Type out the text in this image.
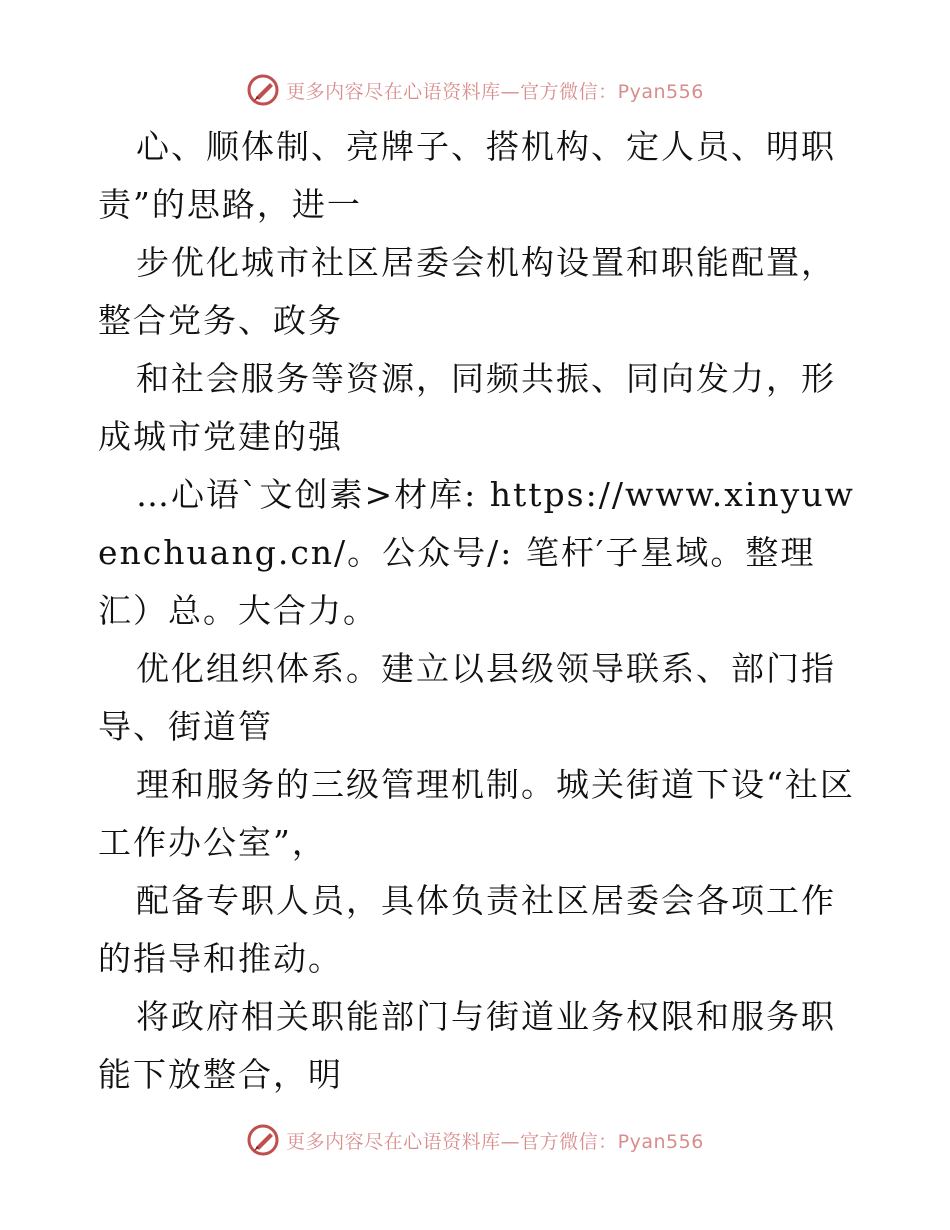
更多内容尽在心语资料库—官方微信：Pyan556

心、顺体制、亮牌子、搭机构、定人员、明职责”的思路，进一

步优化城市社区居委会机构设置和职能配置，整合党务、政务

和社会服务等资源，同频共振、同向发力，形成城市党建的强

…心语`文创素>材库: https://www.xinyuwenchuang.cn/。公众号/: 笔杆′子星域。整理汇）总。大合力。

优化组织体系。建立以县级领导联系、部门指导、街道管

理和服务的三级管理机制。城关街道下设“社区工作办公室”，

配备专职人员，具体负责社区居委会各项工作的指导和推动。

将政府相关职能部门与街道业务权限和服务职能下放整合，明

更多内容尽在心语资料库—官方微信：Pyan556
